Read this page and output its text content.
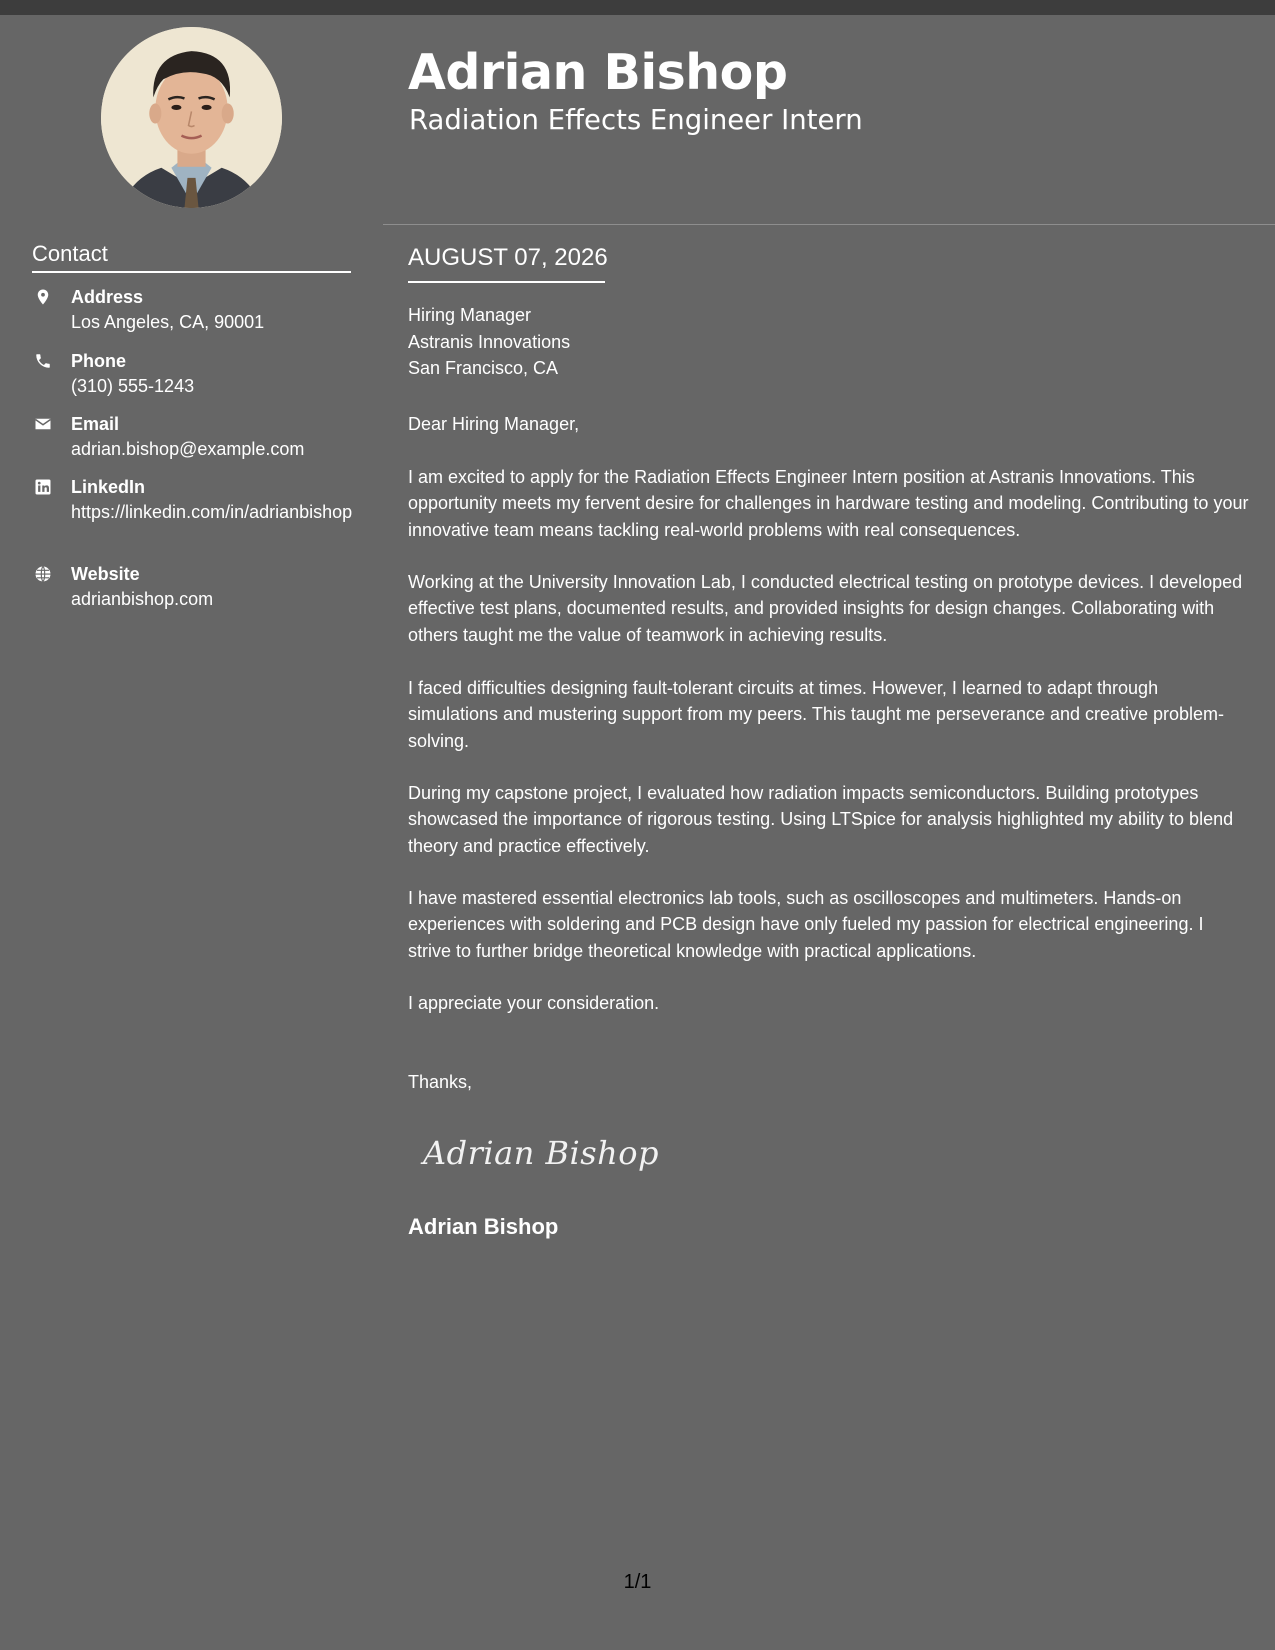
Adrian Bishop
Radiation Effects Engineer Intern
Contact
Address
Los Angeles, CA, 90001
Phone
(310) 555-1243
Email
adrian.bishop@example.com
LinkedIn
https://linkedin.com/in/adrianbishop
Website
adrianbishop.com
AUGUST 07, 2026
Hiring Manager
Astranis Innovations
San Francisco, CA
Dear Hiring Manager,
I am excited to apply for the Radiation Effects Engineer Intern position at Astranis Innovations. This opportunity meets my fervent desire for challenges in hardware testing and modeling. Contributing to your innovative team means tackling real-world problems with real consequences.
Working at the University Innovation Lab, I conducted electrical testing on prototype devices. I developed effective test plans, documented results, and provided insights for design changes. Collaborating with others taught me the value of teamwork in achieving results.
I faced difficulties designing fault-tolerant circuits at times. However, I learned to adapt through simulations and mustering support from my peers. This taught me perseverance and creative problem-solving.
During my capstone project, I evaluated how radiation impacts semiconductors. Building prototypes showcased the importance of rigorous testing. Using LTSpice for analysis highlighted my ability to blend theory and practice effectively.
I have mastered essential electronics lab tools, such as oscilloscopes and multimeters. Hands-on experiences with soldering and PCB design have only fueled my passion for electrical engineering. I strive to further bridge theoretical knowledge with practical applications.
I appreciate your consideration.
Thanks,
Adrian Bishop
Adrian Bishop
1/1
